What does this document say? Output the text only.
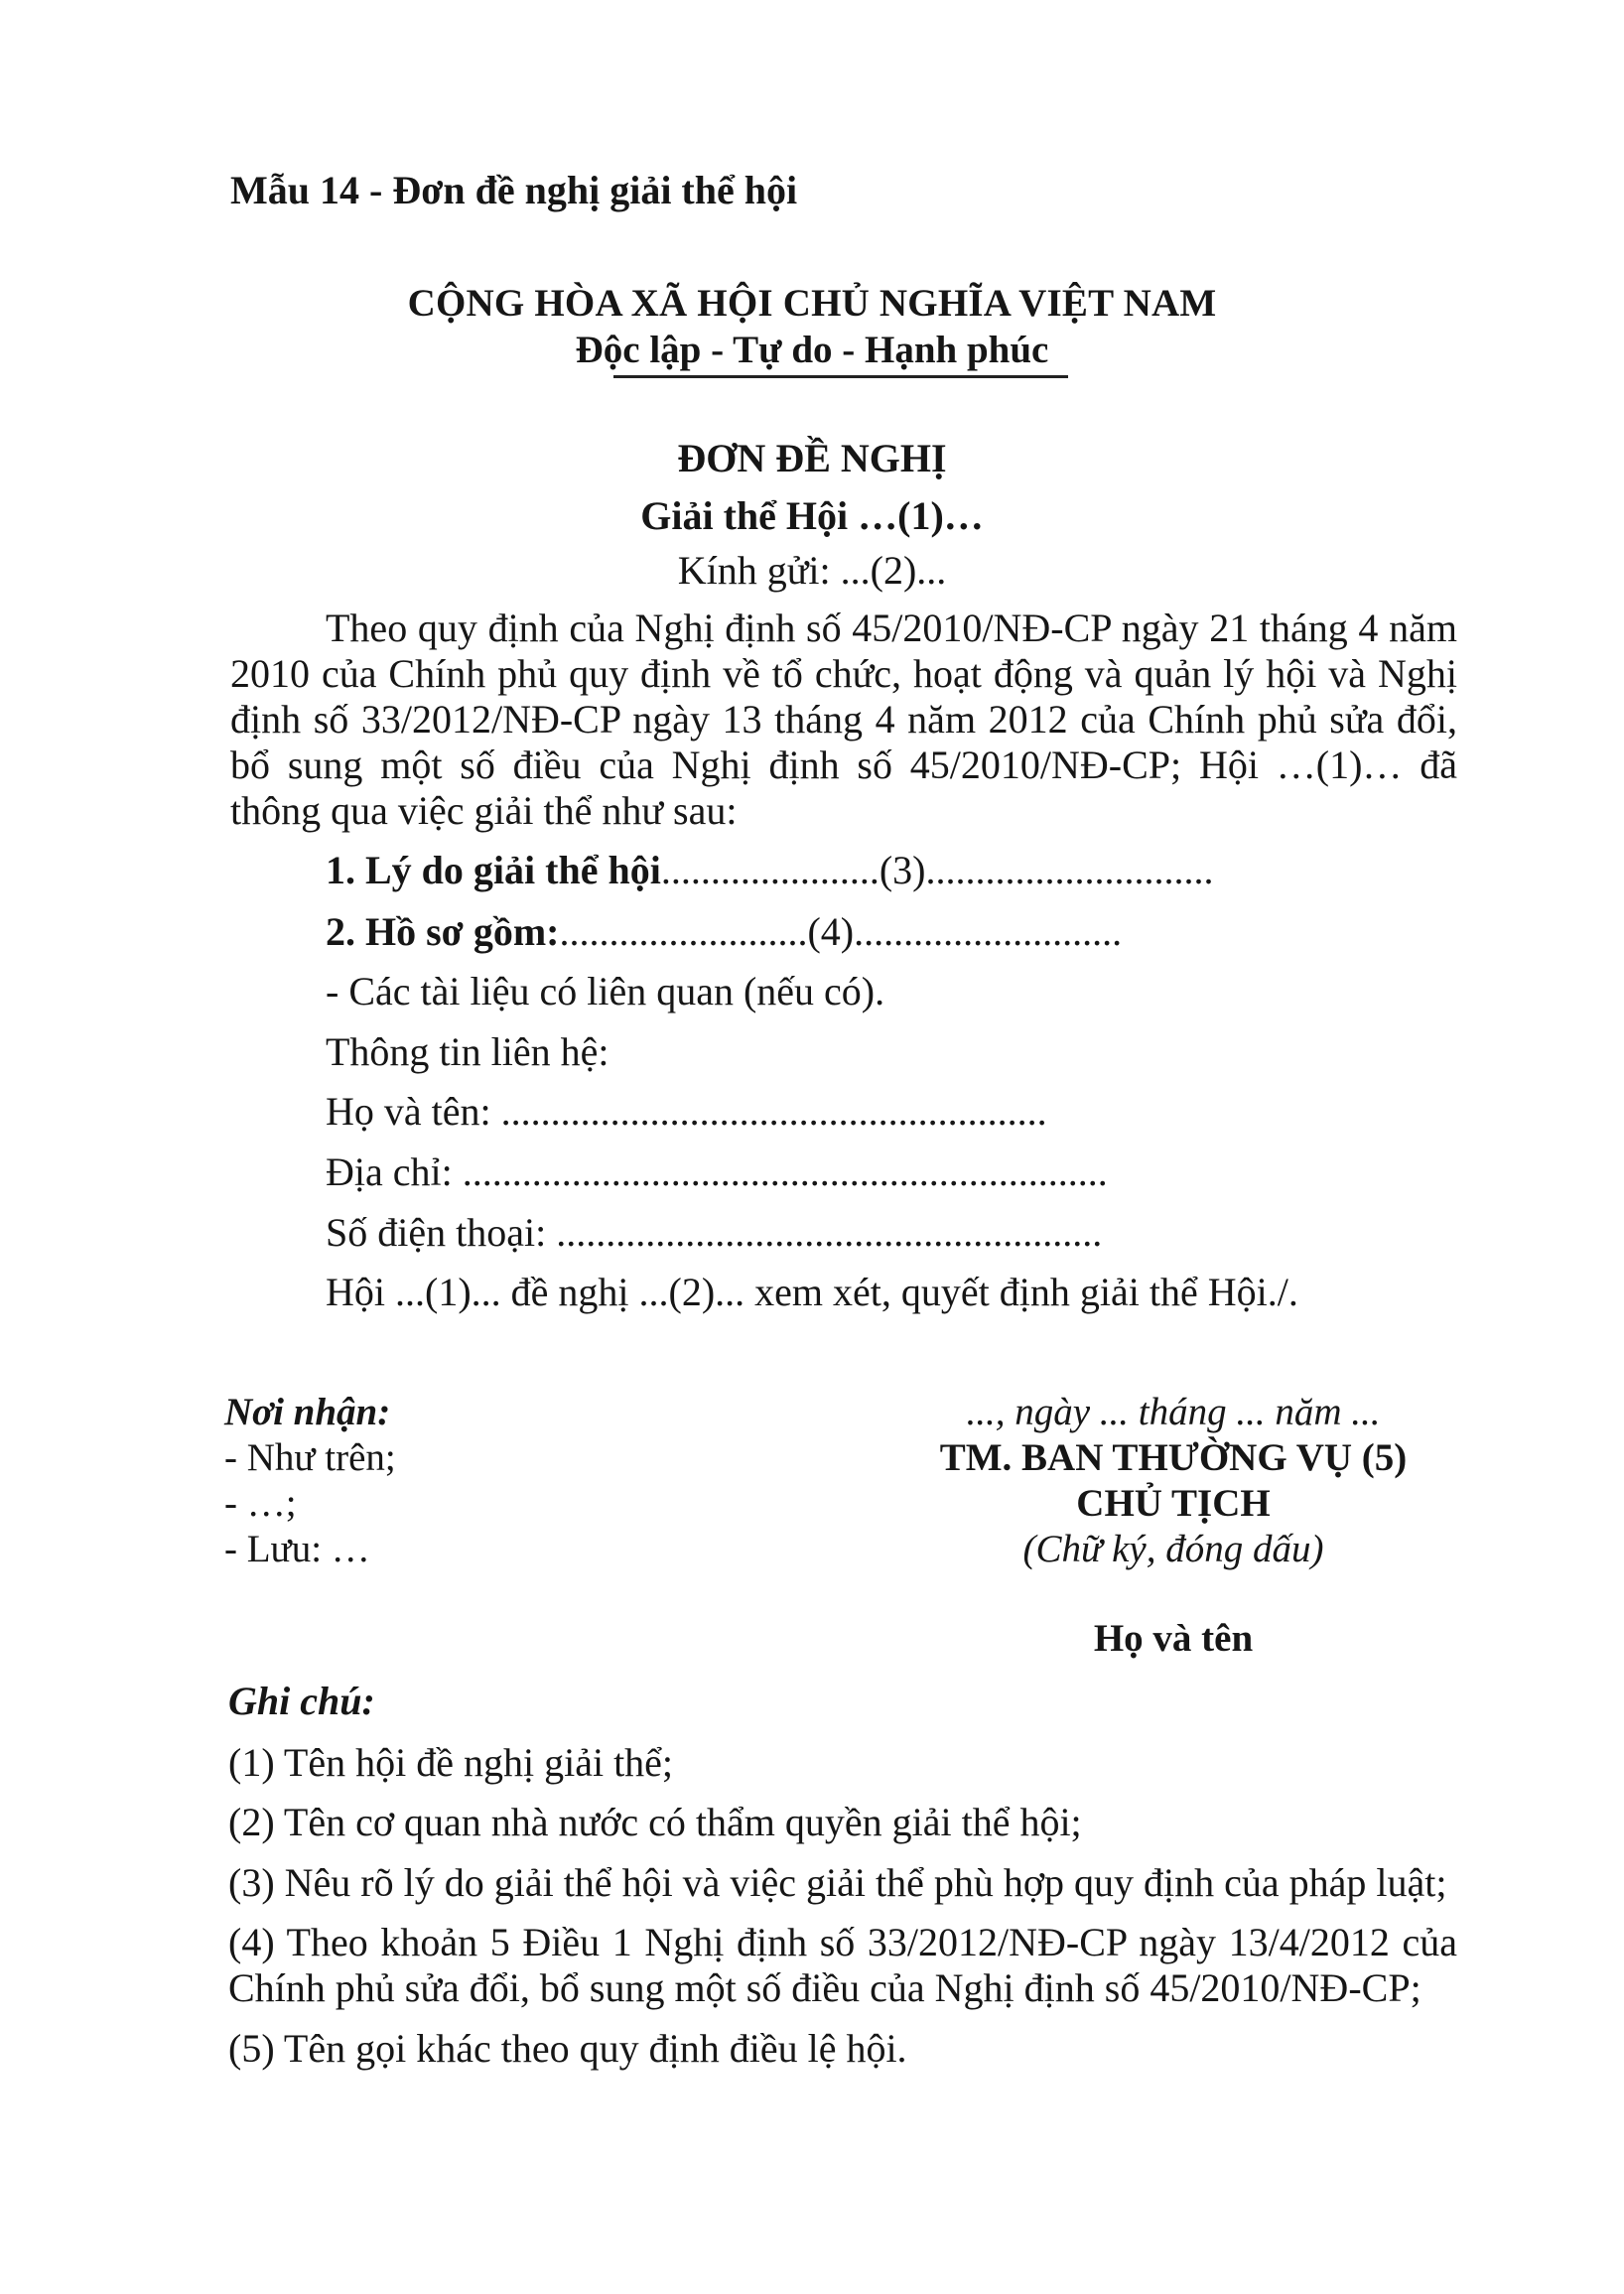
Mẫu 14 - Đơn đề nghị giải thể hội
CỘNG HÒA XÃ HỘI CHỦ NGHĨA VIỆT NAM
Độc lập - Tự do - Hạnh phúc
ĐƠN ĐỀ NGHỊ
Giải thể Hội …(1)…
Kính gửi: ...(2)...
Theo quy định của Nghị định số 45/2010/NĐ-CP ngày 21 tháng 4 năm 2010 của Chính phủ quy định về tổ chức, hoạt động và quản lý hội và Nghị định số 33/2012/NĐ-CP ngày 13 tháng 4 năm 2012 của Chính phủ sửa đổi, bổ sung một số điều của Nghị định số 45/2010/NĐ-CP; Hội …(1)… đã thông qua việc giải thể như sau:
1. Lý do giải thể hội......................(3).............................
2. Hồ sơ gồm:.........................(4)...........................
- Các tài liệu có liên quan (nếu có).
Thông tin liên hệ:
Họ và tên: .......................................................
Địa chỉ: .................................................................
Số điện thoại: .......................................................
Hội ...(1)... đề nghị ...(2)... xem xét, quyết định giải thể Hội./.
Nơi nhận:
- Như trên;
- …;
- Lưu: …
..., ngày ... tháng ... năm ...
TM. BAN THƯỜNG VỤ (5)
CHỦ TỊCH
(Chữ ký, đóng dấu)
Họ và tên
Ghi chú:
(1) Tên hội đề nghị giải thể;
(2) Tên cơ quan nhà nước có thẩm quyền giải thể hội;
(3) Nêu rõ lý do giải thể hội và việc giải thể phù hợp quy định của pháp luật;
(4) Theo khoản 5 Điều 1 Nghị định số 33/2012/NĐ-CP ngày 13/4/2012 của Chính phủ sửa đổi, bổ sung một số điều của Nghị định số 45/2010/NĐ-CP;
(5) Tên gọi khác theo quy định điều lệ hội.
